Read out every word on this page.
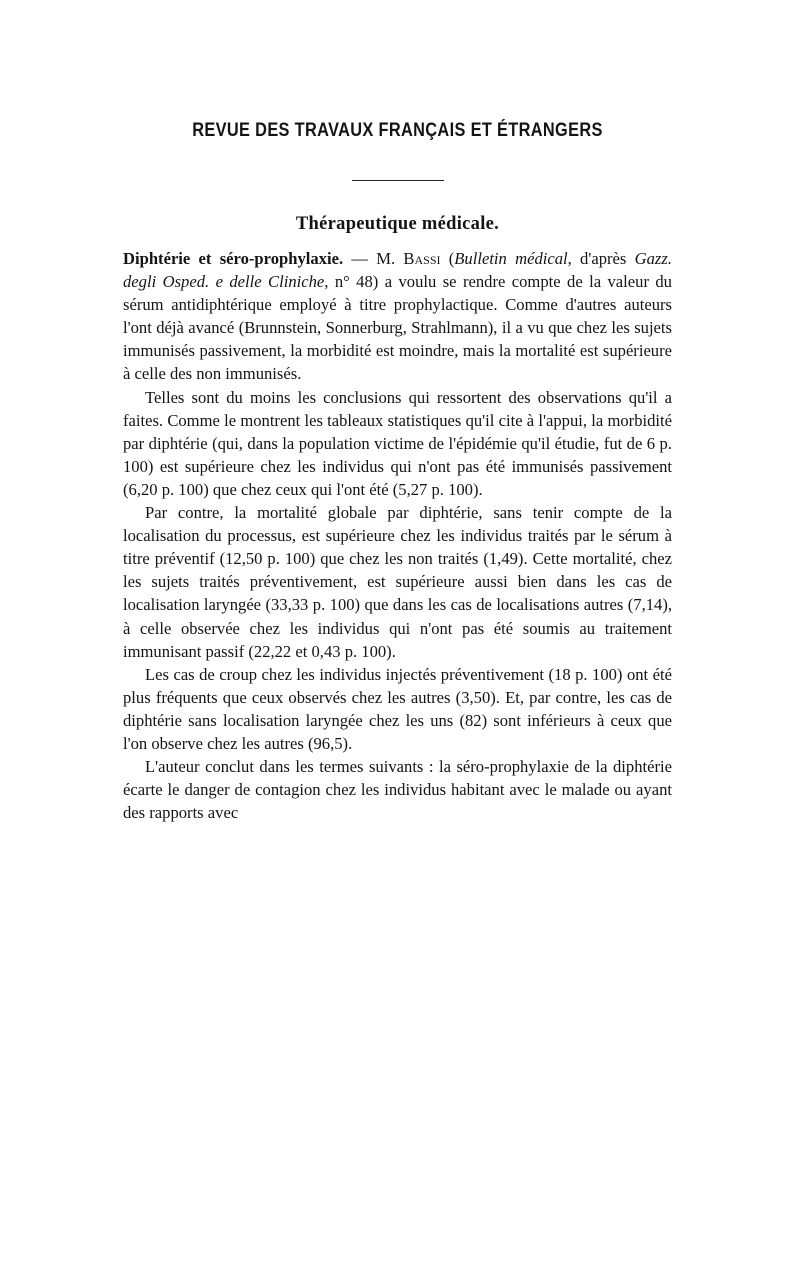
REVUE DES TRAVAUX FRANÇAIS ET ÉTRANGERS
Thérapeutique médicale.

Diphtérie et séro-prophylaxie. — M. Bassi (Bulletin médical, d'après Gazz. degli Osped. e delle Cliniche, n° 48) a voulu se rendre compte de la valeur du sérum antidiphtérique employé à titre prophylactique. Comme d'autres auteurs l'ont déjà avancé (Brunnstein, Sonnerburg, Strahlmann), il a vu que chez les sujets immunisés passivement, la morbidité est moindre, mais la mortalité est supérieure à celle des non immunisés.

Telles sont du moins les conclusions qui ressortent des observations qu'il a faites. Comme le montrent les tableaux statistiques qu'il cite à l'appui, la morbidité par diphtérie (qui, dans la population victime de l'épidémie qu'il étudie, fut de 6 p. 100) est supérieure chez les individus qui n'ont pas été immunisés passivement (6,20 p. 100) que chez ceux qui l'ont été (5,27 p. 100).

Par contre, la mortalité globale par diphtérie, sans tenir compte de la localisation du processus, est supérieure chez les individus traités par le sérum à titre préventif (12,50 p. 100) que chez les non traités (1,49). Cette mortalité, chez les sujets traités préventivement, est supérieure aussi bien dans les cas de localisation laryngée (33,33 p. 100) que dans les cas de localisations autres (7,14), à celle observée chez les individus qui n'ont pas été soumis au traitement immunisant passif (22,22 et 0,43 p. 100).

Les cas de croup chez les individus injectés préventivement (18 p. 100) ont été plus fréquents que ceux observés chez les autres (3,50). Et, par contre, les cas de diphtérie sans localisation laryngée chez les uns (82) sont inférieurs à ceux que l'on observe chez les autres (96,5).

L'auteur conclut dans les termes suivants : la séro-prophylaxie de la diphtérie écarte le danger de contagion chez les individus habitant avec le malade ou ayant des rapports avec
